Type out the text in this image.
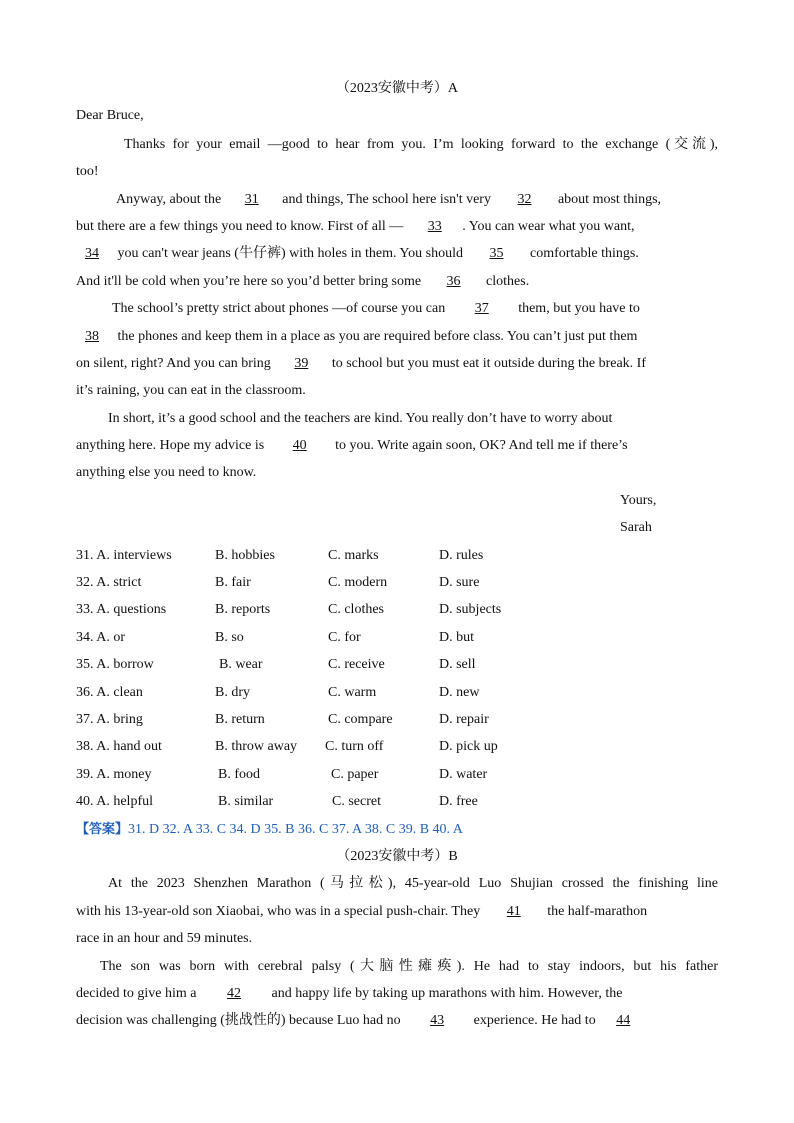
（2023安徽中考）A
Dear Bruce,
Thanks for your email —good to hear from you. I’m looking forward to the exchange (交流),
too!
Anyway, about the 31 and things, The school here isn't very 32 about most things,
but there are a few things you need to know. First of all — 33 . You can wear what you want,
34 you can't wear jeans (牛仔裤) with holes in them. You should 35 comfortable things.
And it'll be cold when you’re here so you’d better bring some 36 clothes.
The school’s pretty strict about phones —of course you can 37 them, but you have to
38 the phones and keep them in a place as you are required before class. You can’t just put them
on silent, right? And you can bring 39 to school but you must eat it outside during the break. If
it’s raining, you can eat in the classroom.
In short, it’s a good school and the teachers are kind. You really don’t have to worry about
anything here. Hope my advice is 40 to you. Write again soon, OK? And tell me if there’s
anything else you need to know.
Yours,
Sarah
31. A. interviews	B. hobbies	C. marks	D. rules
32. A. strict	B. fair	C. modern	D. sure
33. A. questions	B. reports	C. clothes	D. subjects
34. A. or	B. so	C. for	D. but
35. A. borrow	B. wear	C. receive	D. sell
36. A. clean	B. dry	C. warm	D. new
37. A. bring	B. return	C. compare	D. repair
38. A. hand out	B. throw away C. turn off	D. pick up
39. A. money	B. food	C. paper	D. water
40. A. helpful	B. similar	C. secret	D. free
【答案】31. D 32. A 33. C 34. D 35. B 36. C 37. A 38. C 39. B 40. A
（2023安徽中考）B
At the 2023 Shenzhen Marathon (马拉松), 45-year-old Luo Shujian crossed the finishing line
with his 13-year-old son Xiaobai, who was in a special push-chair. They 41 the half-marathon
race in an hour and 59 minutes.
The son was born with cerebral palsy (大脑性瘫痪). He had to stay indoors, but his father
decided to give him a 42 and happy life by taking up marathons with him. However, the
decision was challenging (挑战性的) because Luo had no 43 experience. He had to 44
